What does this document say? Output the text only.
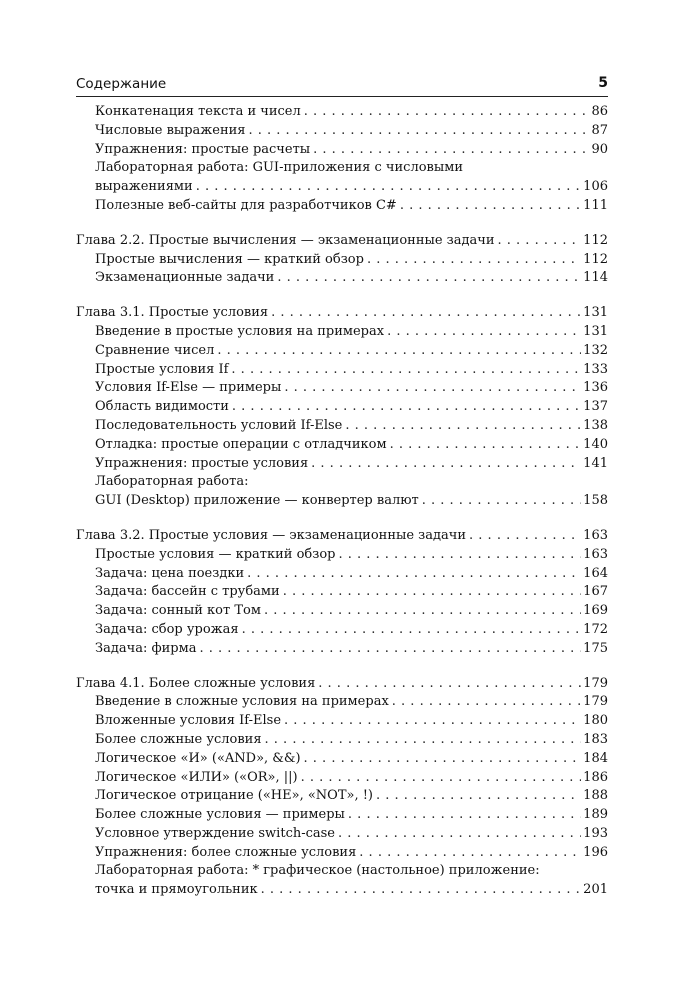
Содержание	5
Конкатенация текста и чисел . . .	86
Числовые выражения . . .	87
Упражнения: простые расчеты . . .	90
Лабораторная работа: GUI-приложения с числовыми
выражениями . . .	106
Полезные веб-сайты для разработчиков C# . . .	111
Глава 2.2. Простые вычисления — экзаменационные задачи . . .	112
Простые вычисления — краткий обзор . . .	112
Экзаменационные задачи . . .	114
Глава 3.1. Простые условия . . .	131
Введение в простые условия на примерах . . .	131
Сравнение чисел . . .	132
Простые условия If . . .	133
Условия If-Else — примеры . . .	136
Область видимости . . .	137
Последовательность условий If-Else . . .	138
Отладка: простые операции с отладчиком . . .	140
Упражнения: простые условия . . .	141
Лабораторная работа:
GUI (Desktop) приложение — конвертер валют . . .	158
Глава 3.2. Простые условия — экзаменационные задачи . . .	163
Простые условия — краткий обзор . . .	163
Задача: цена поездки . . .	164
Задача: бассейн с трубами . . .	167
Задача: сонный кот Том . . .	169
Задача: сбор урожая . . .	172
Задача: фирма . . .	175
Глава 4.1. Более сложные условия . . .	179
Введение в сложные условия на примерах . . .	179
Вложенные условия If-Else . . .	180
Более сложные условия . . .	183
Логическое «И» («AND», &&) . . .	184
Логическое «ИЛИ» («OR», ||) . . .	186
Логическое отрицание («НЕ», «NOT», !) . . .	188
Более сложные условия — примеры . . .	189
Условное утверждение switch-case . . .	193
Упражнения: более сложные условия . . .	196
Лабораторная работа: * графическое (настольное) приложение:
точка и прямоугольник . . .	201
